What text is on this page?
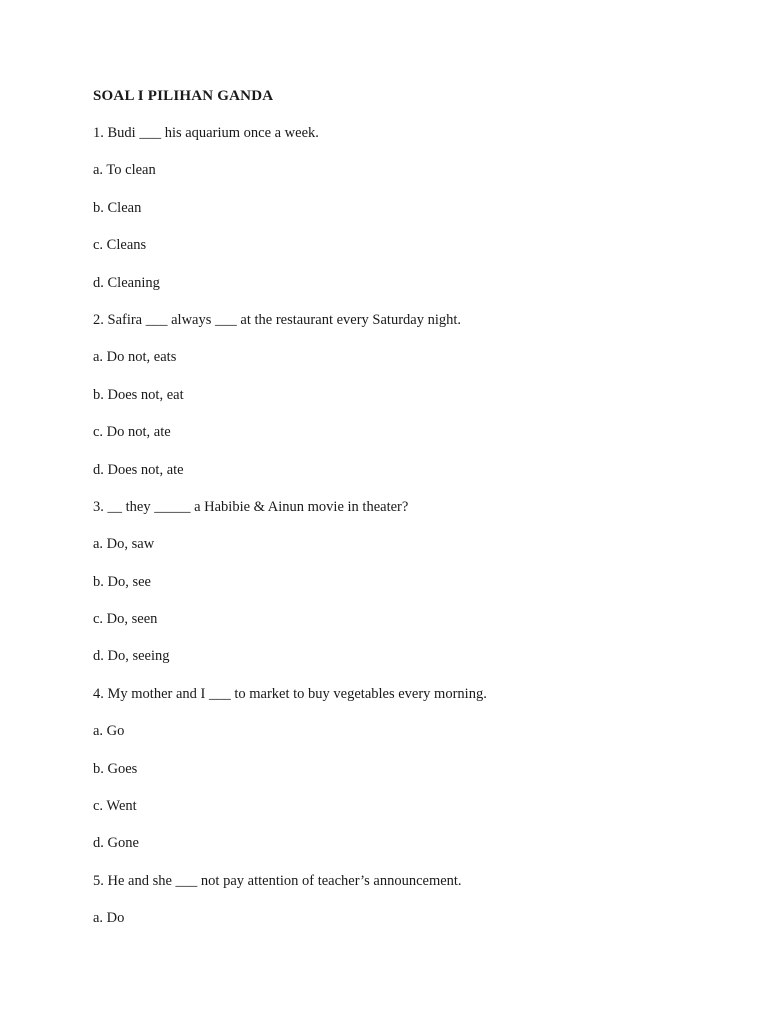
SOAL I PILIHAN GANDA
1. Budi ___ his aquarium once a week.
a. To clean
b. Clean
c. Cleans
d. Cleaning
2. Safira ___ always ___ at the restaurant every Saturday night.
a. Do not, eats
b. Does not, eat
c. Do not, ate
d. Does not, ate
3. __ they _____ a Habibie & Ainun movie in theater?
a. Do, saw
b. Do, see
c. Do, seen
d. Do, seeing
4. My mother and I ___ to market to buy vegetables every morning.
a. Go
b. Goes
c. Went
d. Gone
5. He and she ___ not pay attention of teacher’s announcement.
a. Do
